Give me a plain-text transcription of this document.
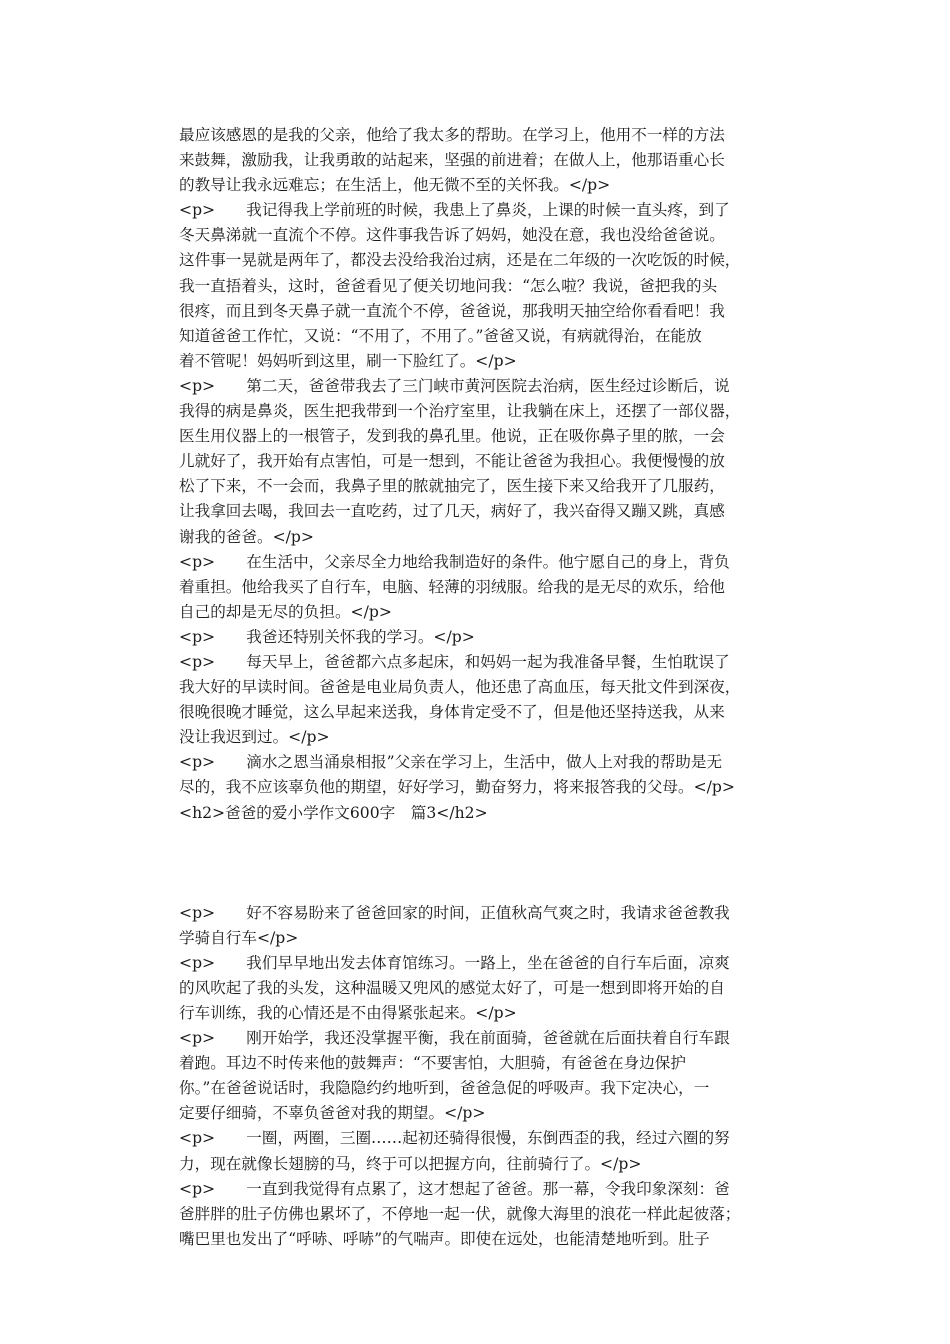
最应该感恩的是我的父亲，他给了我太多的帮助。在学习上，他用不一样的方法
来鼓舞，激励我，让我勇敢的站起来，坚强的前进着；在做人上，他那语重心长
的教导让我永远难忘；在生活上，他无微不至的关怀我。</p>
<p>　　我记得我上学前班的时候，我患上了鼻炎，上课的时候一直头疼，到了
冬天鼻涕就一直流个不停。这件事我告诉了妈妈，她没在意，我也没给爸爸说。
这件事一晃就是两年了，都没去没给我治过病，还是在二年级的一次吃饭的时候，
我一直捂着头，这时，爸爸看见了便关切地问我：“怎么啦？我说，爸把我的头
很疼，而且到冬天鼻子就一直流个不停，爸爸说，那我明天抽空给你看看吧！我
知道爸爸工作忙，又说：“不用了，不用了。”爸爸又说，有病就得治，在能放
着不管呢！妈妈听到这里，刷一下脸红了。</p>
<p>　　第二天，爸爸带我去了三门峡市黄河医院去治病，医生经过诊断后，说
我得的病是鼻炎，医生把我带到一个治疗室里，让我躺在床上，还摆了一部仪器，
医生用仪器上的一根管子，发到我的鼻孔里。他说，正在吸你鼻子里的脓，一会
儿就好了，我开始有点害怕，可是一想到，不能让爸爸为我担心。我便慢慢的放
松了下来，不一会而，我鼻子里的脓就抽完了，医生接下来又给我开了几服药，
让我拿回去喝，我回去一直吃药，过了几天，病好了，我兴奋得又蹦又跳，真感
谢我的爸爸。</p>
<p>　　在生活中，父亲尽全力地给我制造好的条件。他宁愿自己的身上，背负
着重担。他给我买了自行车，电脑、轻薄的羽绒服。给我的是无尽的欢乐，给他
自己的却是无尽的负担。</p>
<p>　　我爸还特别关怀我的学习。</p>
<p>　　每天早上，爸爸都六点多起床，和妈妈一起为我准备早餐，生怕耽误了
我大好的早读时间。爸爸是电业局负责人，他还患了高血压，每天批文件到深夜，
很晚很晚才睡觉，这么早起来送我，身体肯定受不了，但是他还坚持送我，从来
没让我迟到过。</p>
<p>　　滴水之恩当涌泉相报”父亲在学习上，生活中，做人上对我的帮助是无
尽的，我不应该辜负他的期望，好好学习，勤奋努力，将来报答我的父母。</p>
<h2>爸爸的爱小学作文600字　篇3</h2>
<p>　　好不容易盼来了爸爸回家的时间，正值秋高气爽之时，我请求爸爸教我
学骑自行车</p>
<p>　　我们早早地出发去体育馆练习。一路上，坐在爸爸的自行车后面，凉爽
的风吹起了我的头发，这种温暖又兜风的感觉太好了，可是一想到即将开始的自
行车训练，我的心情还是不由得紧张起来。</p>
<p>　　刚开始学，我还没掌握平衡，我在前面骑，爸爸就在后面扶着自行车跟
着跑。耳边不时传来他的鼓舞声：“不要害怕，大胆骑，有爸爸在身边保护
你。”在爸爸说话时，我隐隐约约地听到，爸爸急促的呼吸声。我下定决心，一
定要仔细骑，不辜负爸爸对我的期望。</p>
<p>　　一圈，两圈，三圈……起初还骑得很慢，东倒西歪的我，经过六圈的努
力，现在就像长翅膀的马，终于可以把握方向，往前骑行了。</p>
<p>　　一直到我觉得有点累了，这才想起了爸爸。那一幕，令我印象深刻：爸
爸胖胖的肚子仿佛也累坏了，不停地一起一伏，就像大海里的浪花一样此起彼落；
嘴巴里也发出了“呼哧、呼哧”的气喘声。即使在远处，也能清楚地听到。肚子
